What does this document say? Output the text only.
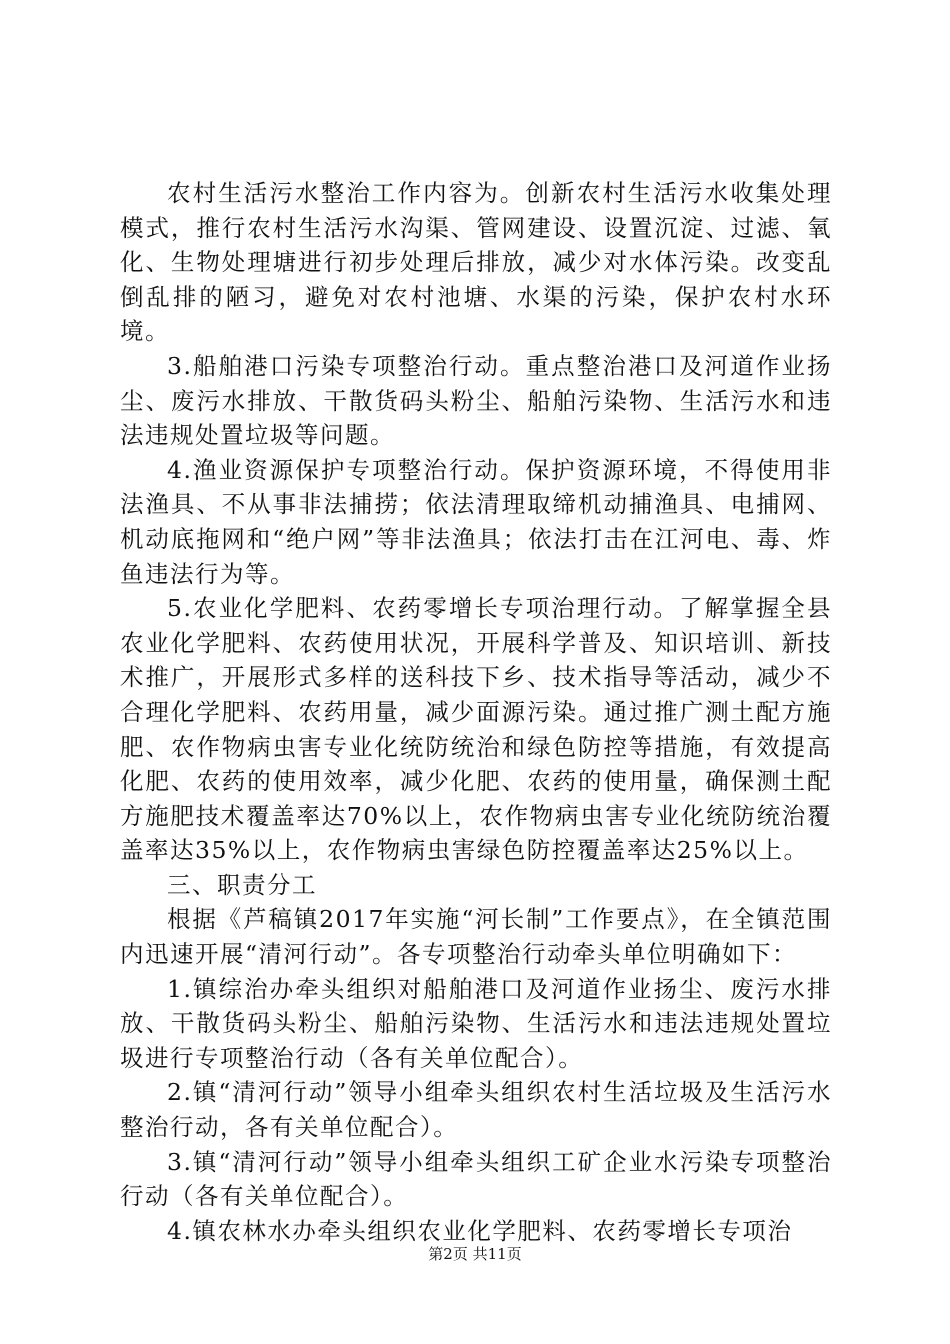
农村生活污水整治工作内容为。创新农村生活污水收集处理模式，推行农村生活污水沟渠、管网建设、设置沉淀、过滤、氧化、生物处理塘进行初步处理后排放，减少对水体污染。改变乱倒乱排的陋习，避免对农村池塘、水渠的污染，保护农村水环境。

3.船舶港口污染专项整治行动。重点整治港口及河道作业扬尘、废污水排放、干散货码头粉尘、船舶污染物、生活污水和违法违规处置垃圾等问题。

4.渔业资源保护专项整治行动。保护资源环境，不得使用非法渔具、不从事非法捕捞；依法清理取缔机动捕渔具、电捕网、机动底拖网和“绝户网”等非法渔具；依法打击在江河电、毒、炸鱼违法行为等。

5.农业化学肥料、农药零增长专项治理行动。了解掌握全县农业化学肥料、农药使用状况，开展科学普及、知识培训、新技术推广，开展形式多样的送科技下乡、技术指导等活动，减少不合理化学肥料、农药用量，减少面源污染。通过推广测土配方施肥、农作物病虫害专业化统防统治和绿色防控等措施，有效提高化肥、农药的使用效率，减少化肥、农药的使用量，确保测土配方施肥技术覆盖率达70%以上，农作物病虫害专业化统防统治覆盖率达35%以上，农作物病虫害绿色防控覆盖率达25%以上。

三、职责分工

根据《芦稿镇2017年实施“河长制”工作要点》，在全镇范围内迅速开展“清河行动”。各专项整治行动牵头单位明确如下：

1.镇综治办牵头组织对船舶港口及河道作业扬尘、废污水排放、干散货码头粉尘、船舶污染物、生活污水和违法违规处置垃圾进行专项整治行动（各有关单位配合）。

2.镇“清河行动”领导小组牵头组织农村生活垃圾及生活污水整治行动，各有关单位配合）。

3.镇“清河行动”领导小组牵头组织工矿企业水污染专项整治行动（各有关单位配合）。

4.镇农林水办牵头组织农业化学肥料、农药零增长专项治

第2页 共11页
